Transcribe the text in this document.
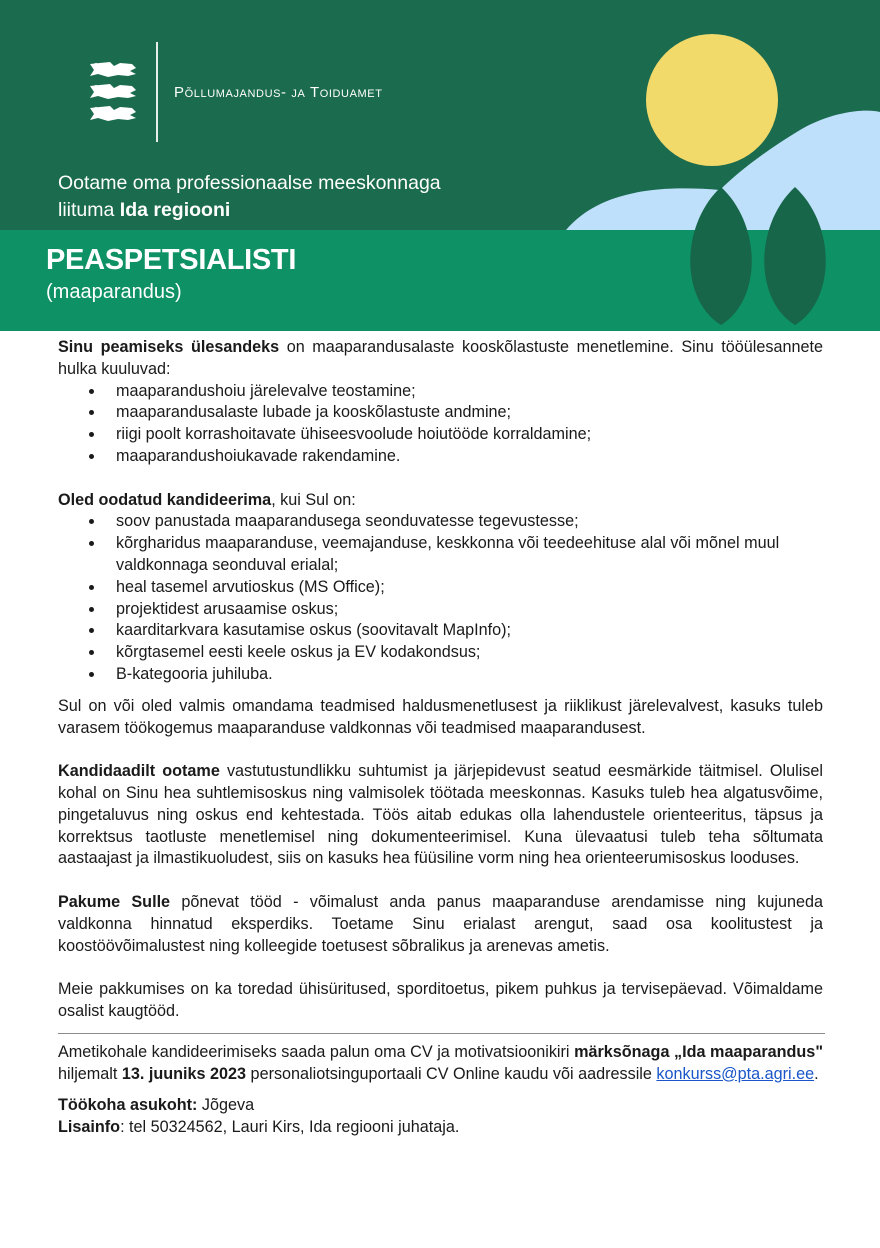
Põllumajandus- ja Toiduamet
Ootame oma professionaalse meeskonnaga
liituma Ida regiooni
PEASPETSIALISTI
(maaparandus)

Sinu peamiseks ülesandeks on maaparandusalaste kooskõlastuste menetlemine. Sinu tööülesannete hulka kuuluvad:

maaparandushoiu järelevalve teostamine;
maaparandusalaste lubade ja kooskõlastuste andmine;
riigi poolt korrashoitavate ühiseesvoolude hoiutööde korraldamine;
maaparandushoiukavade rakendamine.

Oled oodatud kandideerima, kui Sul on:

soov panustada maaparandusega seonduvatesse tegevustesse;
kõrgharidus maaparanduse, veemajanduse, keskkonna või teedeehituse alal või mõnel muul valdkonnaga seonduval erialal;
heal tasemel arvutioskus (MS Office);
projektidest arusaamise oskus;
kaarditarkvara kasutamise oskus (soovitavalt MapInfo);
kõrgtasemel eesti keele oskus ja EV kodakondsus;
B-kategooria juhiluba.

Sul on või oled valmis omandama teadmised haldusmenetlusest ja riiklikust järelevalvest, kasuks tuleb varasem töökogemus maaparanduse valdkonnas või teadmised maaparandusest.

Kandidaadilt ootame vastutustundlikku suhtumist ja järjepidevust seatud eesmärkide täitmisel. Olulisel kohal on Sinu hea suhtlemisoskus ning valmisolek töötada meeskonnas. Kasuks tuleb hea algatusvõime, pingetaluvus ning oskus end kehtestada. Töös aitab edukas olla lahendustele orienteeritus, täpsus ja korrektsus taotluste menetlemisel ning dokumenteerimisel. Kuna ülevaatusi tuleb teha sõltumata aastaajast ja ilmastikuoludest, siis on kasuks hea füüsiline vorm ning hea orienteerumisoskus looduses.

Pakume Sulle põnevat tööd - võimalust anda panus maaparanduse arendamisse ning kujuneda valdkonna hinnatud eksperdiks. Toetame Sinu erialast arengut, saad osa koolitustest ja koostöövõimalustest ning kolleegide toetusest sõbralikus ja arenevas ametis.

Meie pakkumises on ka toredad ühisüritused, sporditoetus, pikem puhkus ja tervisepäevad. Võimaldame osalist kaugtööd.

Ametikohale kandideerimiseks saada palun oma CV ja motivatsioonikiri märksõnaga „Ida maaparandus" hiljemalt 13. juuniks 2023 personaliotsinguportaali CV Online kaudu või aadressile konkurss@pta.agri.ee.

Töökoha asukoht: Jõgeva

Lisainfo: tel 50324562, Lauri Kirs, Ida regiooni juhataja.
